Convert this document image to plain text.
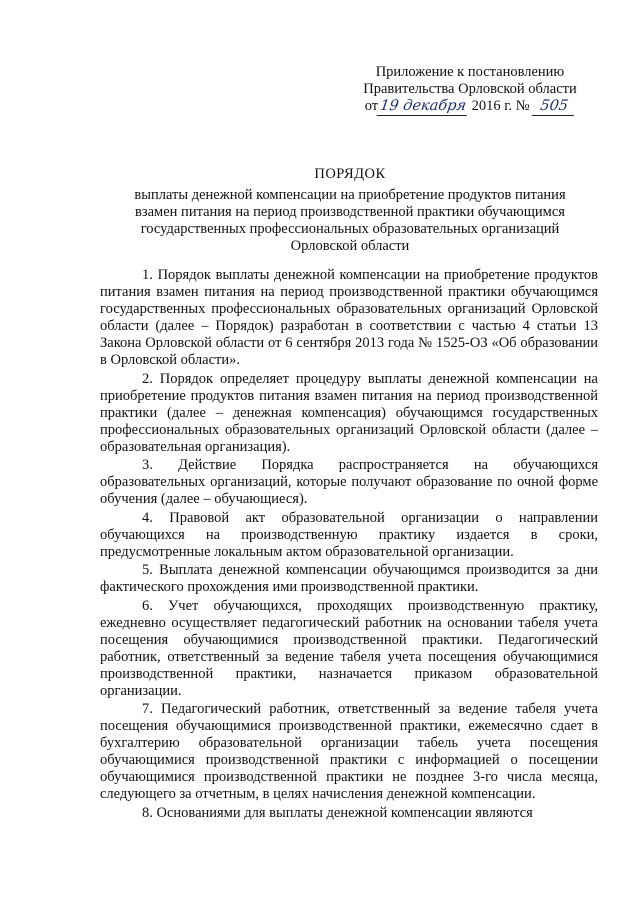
Приложение к постановлению
Правительства Орловской области
от19 декабря 2016 г. № 505
ПОРЯДОК
выплаты денежной компенсации на приобретение продуктов питания
взамен питания на период производственной практики обучающимся
государственных профессиональных образовательных организаций
Орловской области

1. Порядок выплаты денежной компенсации на приобретение продуктов питания взамен питания на период производственной практики обучающимся государственных профессиональных образовательных организаций Орловской области (далее – Порядок) разработан в соответствии с частью 4 статьи 13 Закона Орловской области от 6 сентября 2013 года № 1525-ОЗ «Об образовании в Орловской области».

2. Порядок определяет процедуру выплаты денежной компенсации на приобретение продуктов питания взамен питания на период производственной практики (далее – денежная компенсация) обучающимся государственных профессиональных образовательных организаций Орловской области (далее – образовательная организация).

3. Действие Порядка распространяется на обучающихся образовательных организаций, которые получают образование по очной форме обучения (далее – обучающиеся).

4. Правовой акт образовательной организации о направлении обучающихся на производственную практику издается в сроки, предусмотренные локальным актом образовательной организации.

5. Выплата денежной компенсации обучающимся производится за дни фактического прохождения ими производственной практики.

6. Учет обучающихся, проходящих производственную практику, ежедневно осуществляет педагогический работник на основании табеля учета посещения обучающимися производственной практики. Педагогический работник, ответственный за ведение табеля учета посещения обучающимися производственной практики, назначается приказом образовательной организации.

7. Педагогический работник, ответственный за ведение табеля учета посещения обучающимися производственной практики, ежемесячно сдает в бухгалтерию образовательной организации табель учета посещения обучающимися производственной практики с информацией о посещении обучающимися производственной практики не позднее 3-го числа месяца, следующего за отчетным, в целях начисления денежной компенсации.

8. Основаниями для выплаты денежной компенсации являются
